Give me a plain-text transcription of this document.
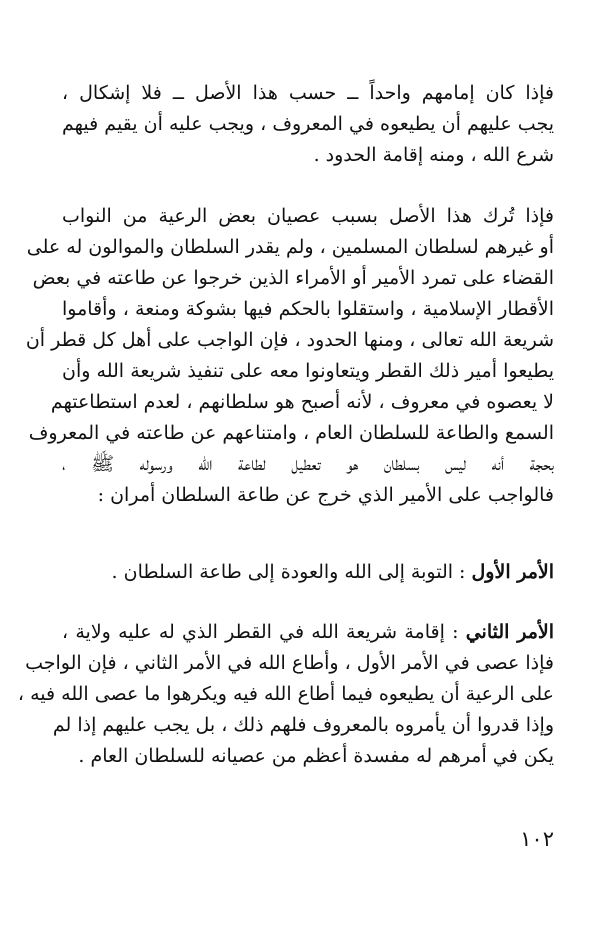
فإذا كان إمامهم واحداً ــ حسب هذا الأصل ــ فلا إشكال ،
يجب عليهم أن يطيعوه في المعروف ، ويجب عليه أن يقيم فيهم
شرع الله ، ومنه إقامة الحدود .
فإذا تُرك هذا الأصل بسبب عصيان بعض الرعية من النواب
أو غيرهم لسلطان المسلمين ، ولم يقدر السلطان والموالون له على
القضاء على تمرد الأمير أو الأمراء الذين خرجوا عن طاعته في بعض
الأقطار الإسلامية ، واستقلوا بالحكم فيها بشوكة ومنعة ، وأقاموا
شريعة الله تعالى ، ومنها الحدود ، فإن الواجب على أهل كل قطر أن
يطيعوا أمير ذلك القطر ويتعاونوا معه على تنفيذ شريعة الله وأن
لا يعصوه في معروف ، لأنه أصبح هو سلطانهم ، لعدم استطاعتهم
السمع والطاعة للسلطان العام ، وامتناعهم عن طاعته في المعروف
بحجة أنه ليس بسلطان هو تعطيل لطاعة الله ورسوله ﷺ ،
فالواجب على الأمير الذي خرج عن طاعة السلطان أمران :
الأمر الأول : التوبة إلى الله والعودة إلى طاعة السلطان .
الأمر الثاني : إقامة شريعة الله في القطر الذي له عليه ولاية ،
فإذا عصى في الأمر الأول ، وأطاع الله في الأمر الثاني ، فإن الواجب
على الرعية أن يطيعوه فيما أطاع الله فيه ويكرهوا ما عصى الله فيه ،
وإذا قدروا أن يأمروه بالمعروف فلهم ذلك ، بل يجب عليهم إذا لم
يكن في أمرهم له مفسدة أعظم من عصيانه للسلطان العام .
١٠٢
